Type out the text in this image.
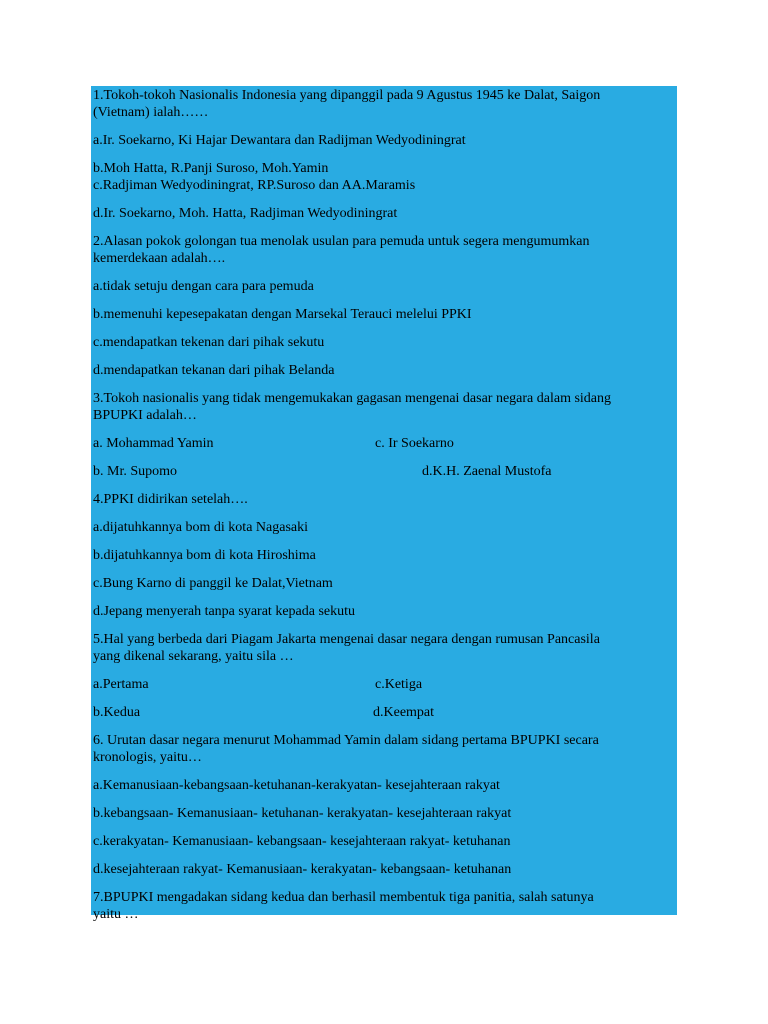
1.Tokoh-tokoh Nasionalis Indonesia yang dipanggil pada 9 Agustus 1945 ke Dalat, Saigon
(Vietnam) ialah……
a.Ir. Soekarno, Ki Hajar Dewantara dan Radijman Wedyodiningrat
b.Moh Hatta, R.Panji Suroso, Moh.Yamin
c.Radjiman Wedyodiningrat, RP.Suroso dan AA.Maramis
d.Ir. Soekarno, Moh. Hatta, Radjiman Wedyodiningrat
2.Alasan pokok golongan tua menolak usulan para pemuda untuk segera mengumumkan
kemerdekaan adalah….
a.tidak setuju dengan cara para pemuda
b.memenuhi kepesepakatan dengan Marsekal Terauci melelui PPKI
c.mendapatkan tekenan dari pihak sekutu
d.mendapatkan tekanan dari pihak Belanda
3.Tokoh nasionalis yang tidak mengemukakan gagasan mengenai dasar negara dalam sidang
BPUPKI adalah…
a. Mohammad Yamin	c. Ir Soekarno
b. Mr. Supomo	d.K.H. Zaenal Mustofa
4.PPKI didirikan setelah….
a.dijatuhkannya bom di kota Nagasaki
b.dijatuhkannya bom di kota Hiroshima
c.Bung Karno di panggil ke Dalat,Vietnam
d.Jepang menyerah tanpa syarat kepada sekutu
5.Hal yang berbeda dari Piagam Jakarta mengenai dasar negara dengan rumusan Pancasila
yang dikenal sekarang, yaitu sila …
a.Pertama	c.Ketiga
b.Kedua	d.Keempat
6. Urutan dasar negara menurut Mohammad Yamin dalam sidang pertama BPUPKI secara
kronologis, yaitu…
a.Kemanusiaan-kebangsaan-ketuhanan-kerakyatan- kesejahteraan rakyat
b.kebangsaan- Kemanusiaan- ketuhanan- kerakyatan- kesejahteraan rakyat
c.kerakyatan- Kemanusiaan- kebangsaan- kesejahteraan rakyat- ketuhanan
d.kesejahteraan rakyat- Kemanusiaan- kerakyatan- kebangsaan- ketuhanan
7.BPUPKI mengadakan sidang kedua dan berhasil membentuk tiga panitia, salah satunya
yaitu …
